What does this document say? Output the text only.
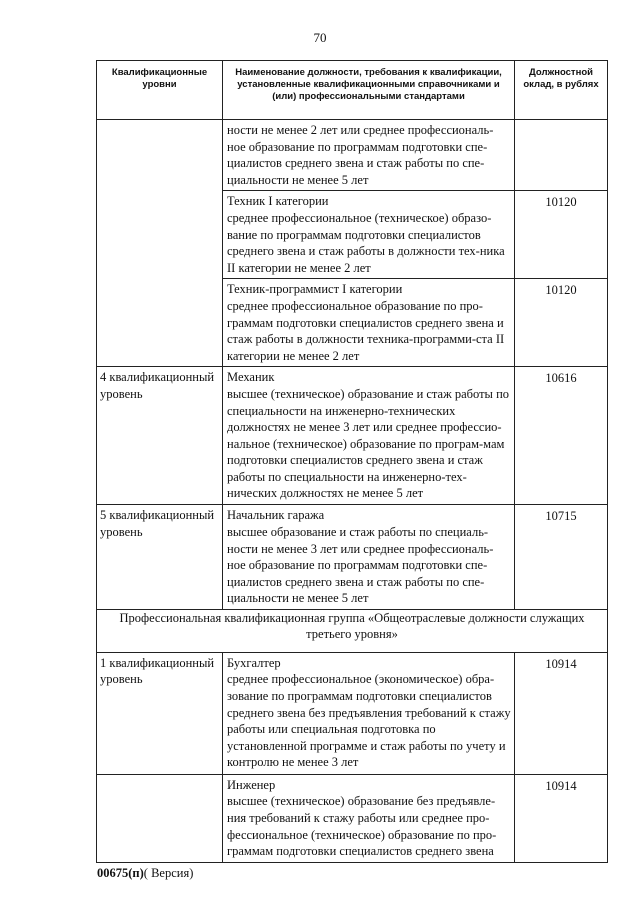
70
Квалификационные уровни	Наименование должности, требования к квалификации, установленные квалификационными справочниками и (или) профессиональными стандартами	Должностной оклад, в рублях

	ности не менее 2 лет или среднее профессиональ-ное образование по программам подготовки спе-циалистов среднего звена и стаж работы по спе-циальности не менее 5 лет	

	Техник I категории
среднее профессиональное (техническое) образо-вание по программам подготовки специалистов среднего звена и стаж работы в должности тех-ника II категории не менее 2 лет	10120

	Техник-программист I категории
среднее профессиональное образование по про-граммам подготовки специалистов среднего звена и стаж работы в должности техника-программи-ста II категории не менее 2 лет	10120

4 квалификационный уровень	Механик
высшее (техническое) образование и стаж работы по специальности на инженерно-технических должностях не менее 3 лет или среднее профессио-нальное (техническое) образование по програм-мам подготовки специалистов среднего звена и стаж работы по специальности на инженерно-тех-нических должностях не менее 5 лет	10616

5 квалификационный уровень	Начальник гаража
высшее образование и стаж работы по специаль-ности не менее 3 лет или среднее профессиональ-ное образование по программам подготовки спе-циалистов среднего звена и стаж работы по спе-циальности не менее 5 лет	10715

Профессиональная квалификационная группа «Общеотраслевые должности служащих третьего уровня»		

1 квалификационный уровень	Бухгалтер
среднее профессиональное (экономическое) обра-зование по программам подготовки специалистов среднего звена без предъявления требований к стажу работы или специальная подготовка по установленной программе и стаж работы по учету и контролю не менее 3 лет	10914

	Инженер
высшее (техническое) образование без предъявле-ния требований к стажу работы или среднее про-фессиональное (техническое) образование по про-граммам подготовки специалистов среднего звена	10914
00675(п)( Версия)
